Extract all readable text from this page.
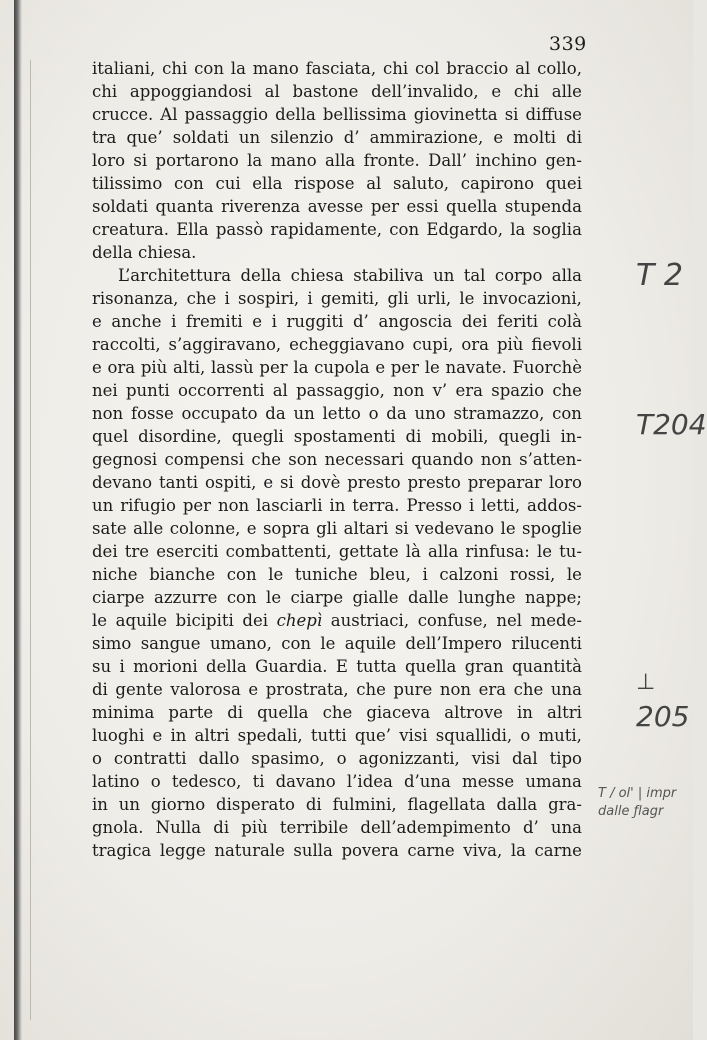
339
italiani, chi con la mano fasciata, chi col braccio al collo,
chi appoggiandosi al bastone dell’invalido, e chi alle
crucce. Al passaggio della bellissima giovinetta si diffuse
tra que’ soldati un silenzio d’ ammirazione, e molti di
loro si portarono la mano alla fronte. Dall’ inchino gen-
tilissimo con cui ella rispose al saluto, capirono quei
soldati quanta riverenza avesse per essi quella stupenda
creatura. Ella passò rapidamente, con Edgardo, la soglia
della chiesa.
L’architettura della chiesa stabiliva un tal corpo alla
risonanza, che i sospiri, i gemiti, gli urli, le invocazioni,
e anche i fremiti e i ruggiti d’ angoscia dei feriti colà
raccolti, s’aggiravano, echeggiavano cupi, ora più fievoli
e ora più alti, lassù per la cupola e per le navate. Fuorchè
nei punti occorrenti al passaggio, non v’ era spazio che
non fosse occupato da un letto o da uno stramazzo, con
quel disordine, quegli spostamenti di mobili, quegli in-
gegnosi compensi che son necessari quando non s’atten-
devano tanti ospiti, e si dovè presto presto preparar loro
un rifugio per non lasciarli in terra. Presso i letti, addos-
sate alle colonne, e sopra gli altari si vedevano le spoglie
dei tre eserciti combattenti, gettate là alla rinfusa: le tu-
niche bianche con le tuniche bleu, i calzoni rossi, le
ciarpe azzurre con le ciarpe gialle dalle lunghe nappe;
le aquile bicipiti dei chepì austriaci, confuse, nel mede-
simo sangue umano, con le aquile dell’Impero rilucenti
su i morioni della Guardia. E tutta quella gran quantità
di gente valorosa e prostrata, che pure non era che una
minima parte di quella che giaceva altrove in altri
luoghi e in altri spedali, tutti que’ visi squallidi, o muti,
o contratti dallo spasimo, o agonizzanti, visi dal tipo
latino o tedesco, ti davano l’idea d’una messe umana
in un giorno disperato di fulmini, flagellata dalla gra-
gnola. Nulla di più terribile dell’adempimento d’ una
tragica legge naturale sulla povera carne viva, la carne
T 2
T204
⊥
205
T / ol' | impr dalle ƒlagr
